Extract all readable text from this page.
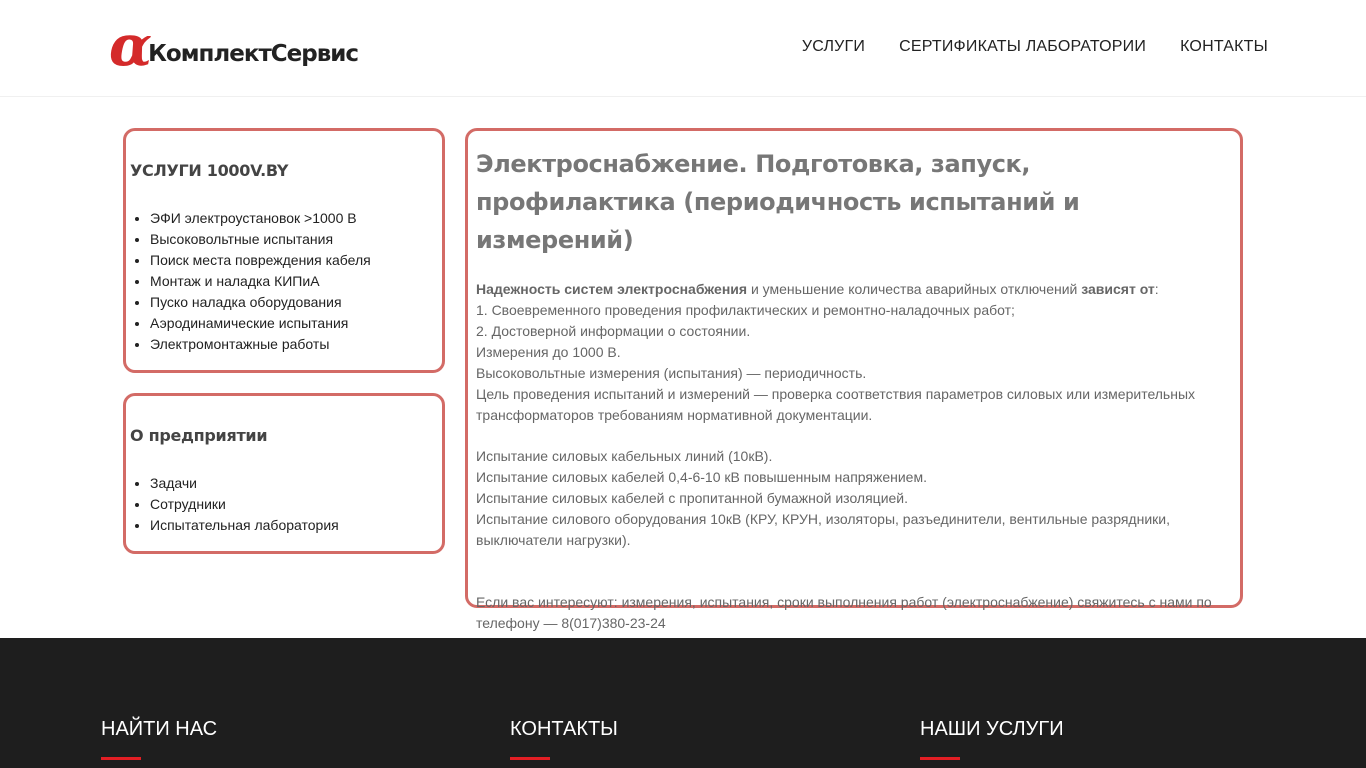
α
КомплектСервис	УСЛУГИ СЕРТИФИКАТЫ ЛАБОРАТОРИИ КОНТАКТЫ
УСЛУГИ 1000V.BY
• ЭФИ электроустановок >1000 В
• Высоковольтные испытания
• Поиск места повреждения кабеля
• Монтаж и наладка КИПиА
• Пуско наладка оборудования
• Аэродинамические испытания
• Электромонтажные работы
О предприятии
• Задачи
• Сотрудники
• Испытательная лаборатория
Электроснабжение. Подготовка, запуск, профилактика (периодичность испытаний и измерений)
Надежность систем электроснабжения и уменьшение количества аварийных отключений зависят от:
1. Своевременного проведения профилактических и ремонтно-наладочных работ;
2. Достоверной информации о состоянии.
Измерения до 1000 В.
Высоковольтные измерения (испытания) — периодичность.
Цель проведения испытаний и измерений — проверка соответствия параметров силовых или измерительных трансформаторов требованиям нормативной документации.
Испытание силовых кабельных линий (10кВ).
Испытание силовых кабелей 0,4-6-10 кВ повышенным напряжением.
Испытание силовых кабелей с пропитанной бумажной изоляцией.
Испытание силового оборудования 10кВ (КРУ, КРУН, изоляторы, разъединители, вентильные разрядники, выключатели нагрузки).
Если вас интересуют: измерения, испытания, сроки выполнения работ (электроснабжение) свяжитесь с нами по телефону — 8(017)380-23-24
НАЙТИ НАС	КОНТАКТЫ	НАШИ УСЛУГИ
